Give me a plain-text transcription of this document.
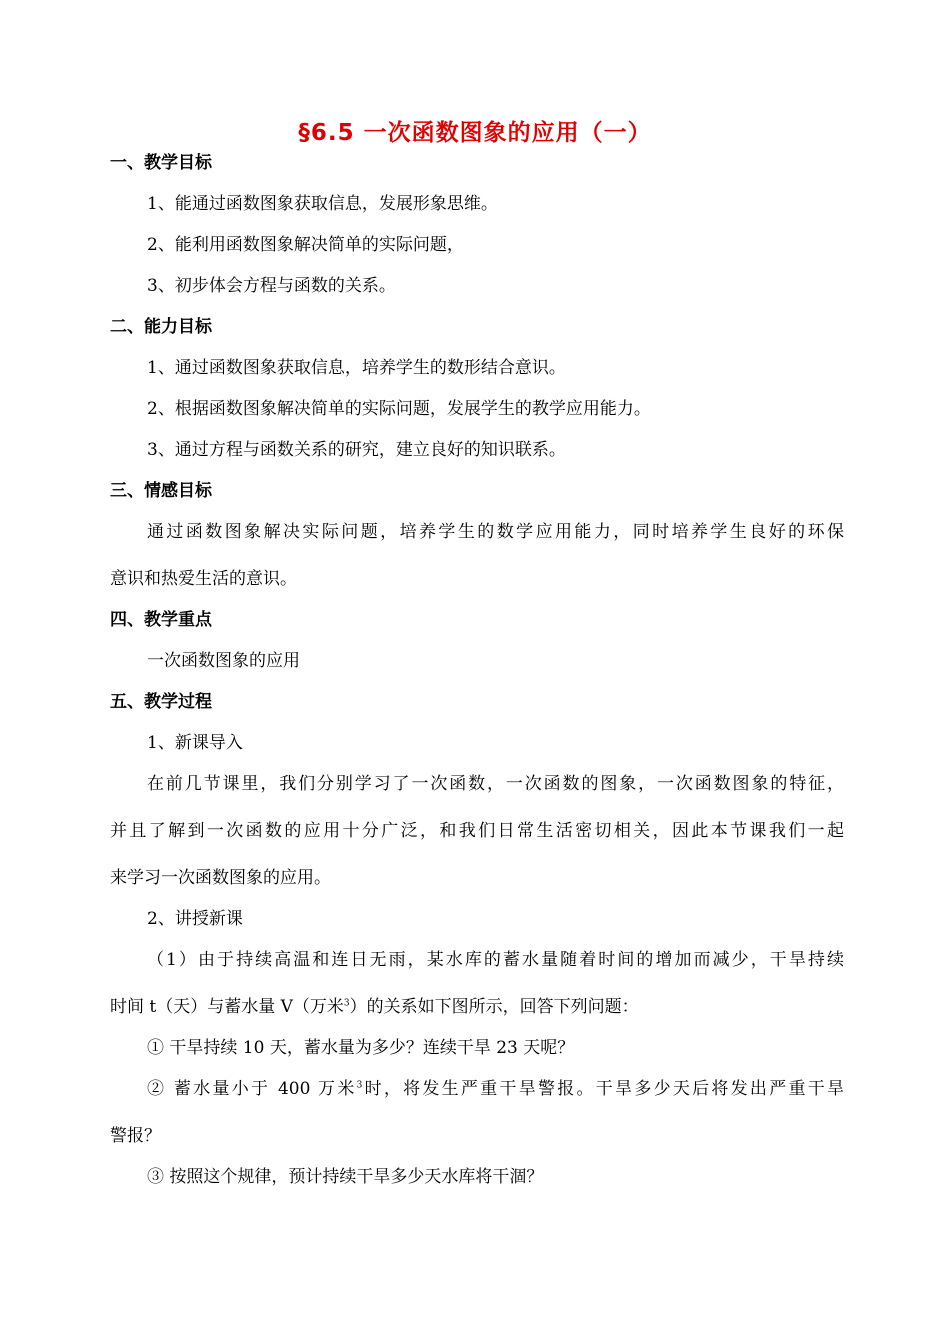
§6.5 一次函数图象的应用（一）
一、教学目标
1、能通过函数图象获取信息，发展形象思维。
2、能利用函数图象解决简单的实际问题，
3、初步体会方程与函数的关系。
二、能力目标
1、通过函数图象获取信息，培养学生的数形结合意识。
2、根据函数图象解决简单的实际问题，发展学生的教学应用能力。
3、通过方程与函数关系的研究，建立良好的知识联系。
三、情感目标
通过函数图象解决实际问题，培养学生的数学应用能力，同时培养学生良好的环保
意识和热爱生活的意识。
四、教学重点
一次函数图象的应用
五、教学过程
1、新课导入
在前几节课里，我们分别学习了一次函数，一次函数的图象，一次函数图象的特征，
并且了解到一次函数的应用十分广泛，和我们日常生活密切相关，因此本节课我们一起
来学习一次函数图象的应用。
2、讲授新课
（1）由于持续高温和连日无雨，某水库的蓄水量随着时间的增加而减少，干旱持续
时间 t（天）与蓄水量 V（万米$^3$）的关系如下图所示，回答下列问题：
① 干旱持续 10 天，蓄水量为多少？连续干旱 23 天呢？
② 蓄水量小于 400 万米$^3$时，将发生严重干旱警报。干旱多少天后将发出严重干旱
警报？
③ 按照这个规律，预计持续干旱多少天水库将干涸？
